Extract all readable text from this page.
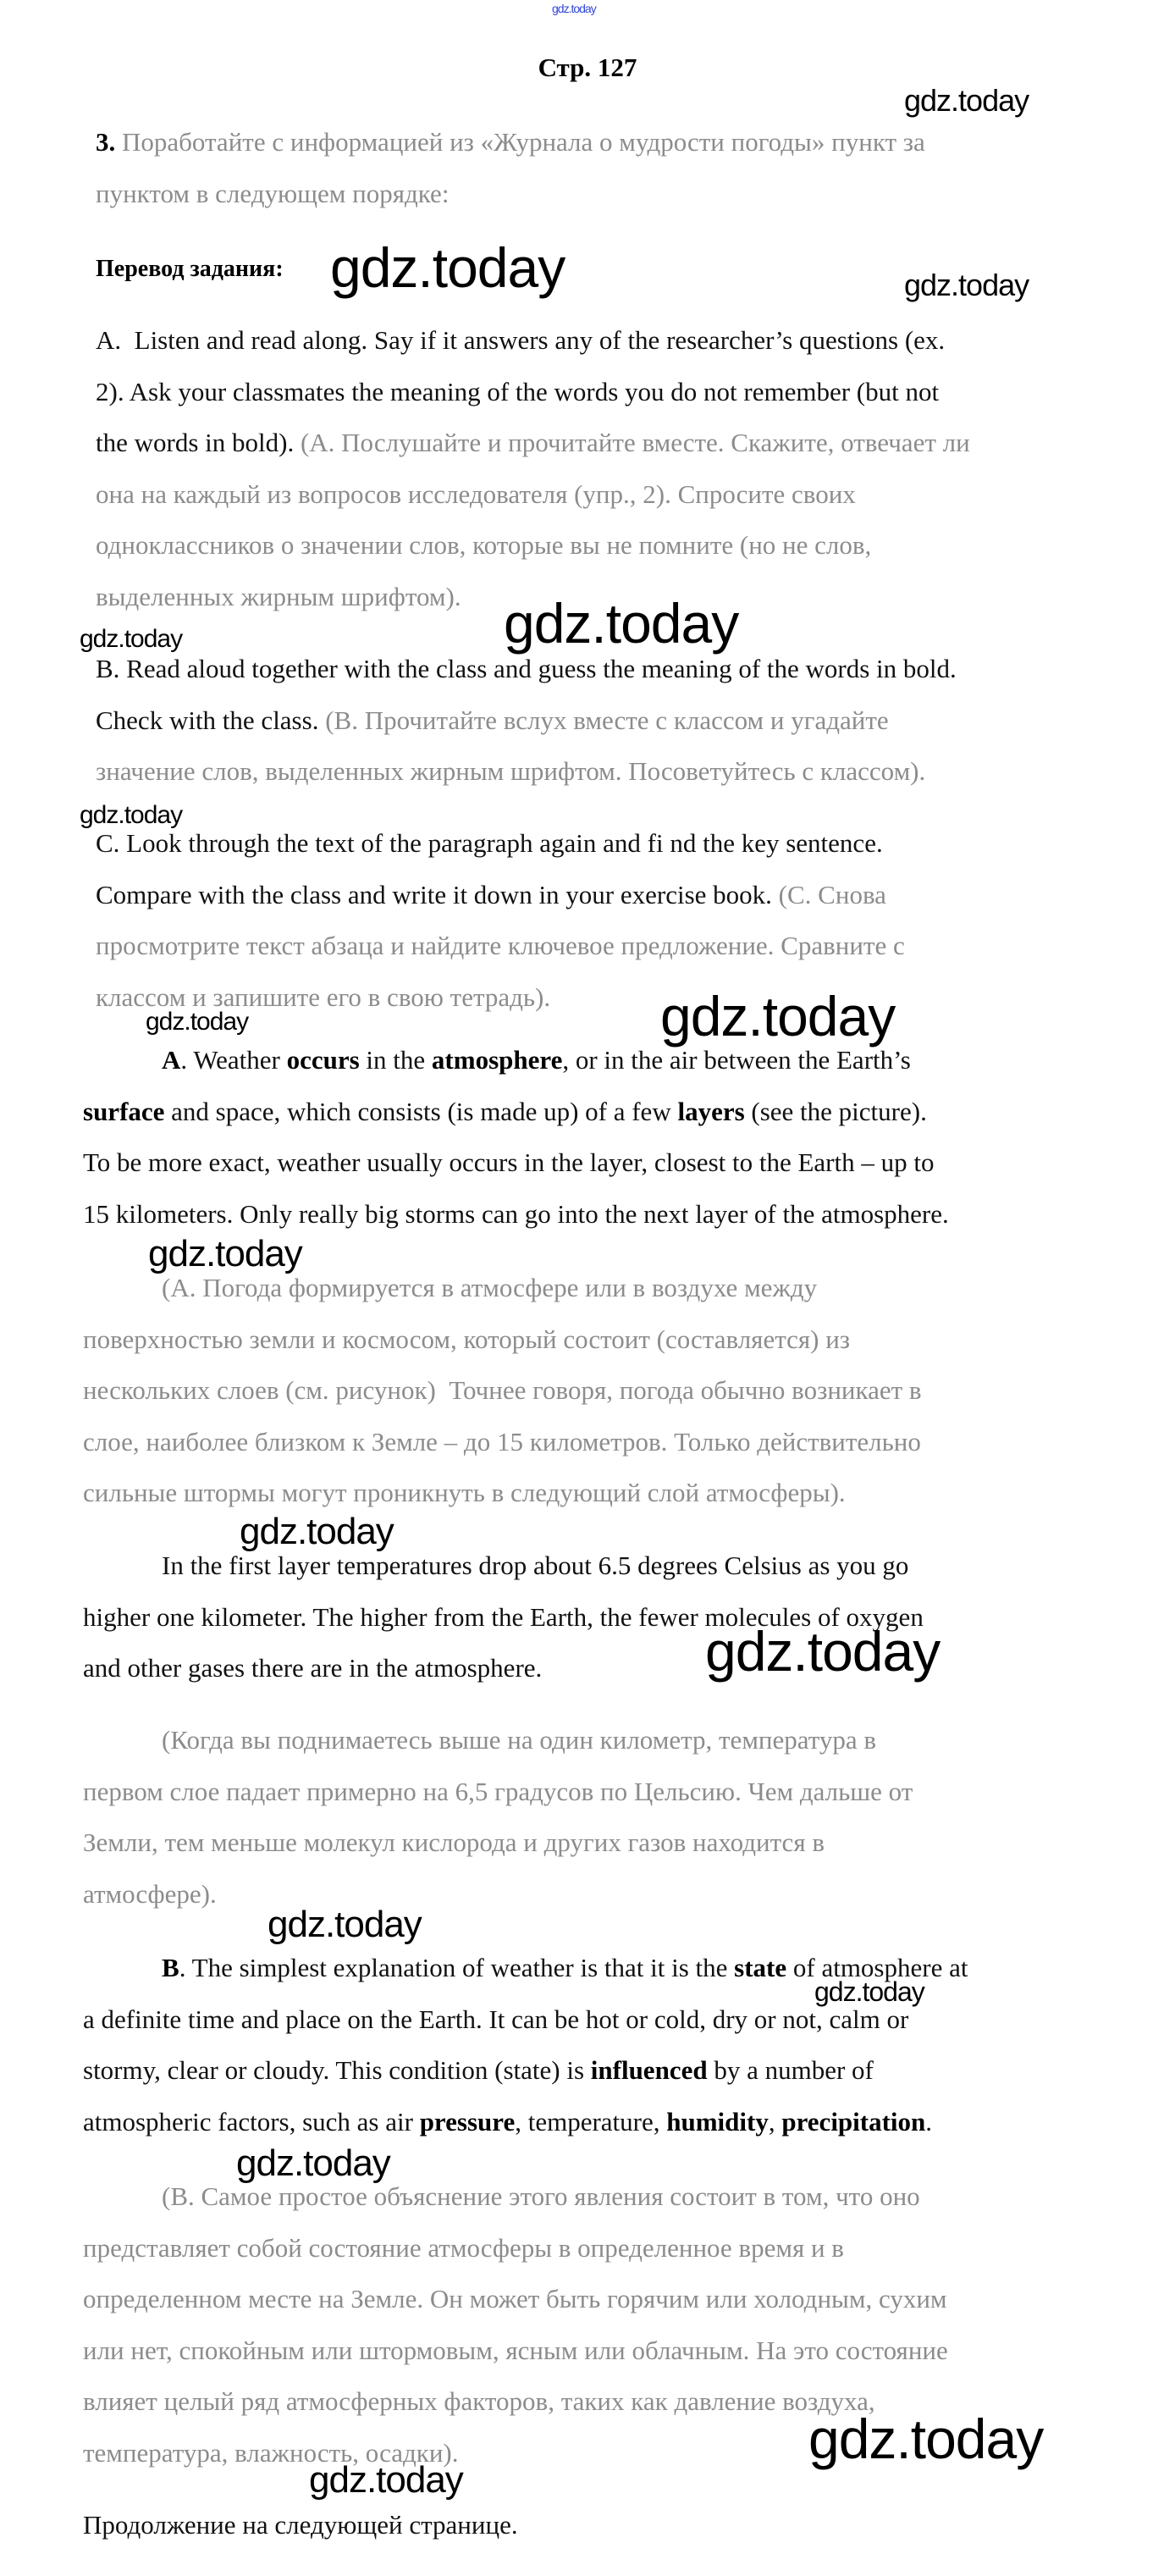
gdz.today
Стр. 127
3. Поработайте с информацией из «Журнала о мудрости погоды» пункт за
пунктом в следующем порядке:
Перевод задания:
A.  Listen and read along. Say if it answers any of the researcher’s questions (ex.
2). Ask your classmates the meaning of the words you do not remember (but not
the words in bold). (А. Послушайте и прочитайте вместе. Скажите, отвечает ли
она на каждый из вопросов исследователя (упр., 2). Спросите своих
одноклассников о значении слов, которые вы не помните (но не слов,
выделенных жирным шрифтом).
B. Read aloud together with the class and guess the meaning of the words in bold.
Check with the class. (В. Прочитайте вслух вместе с классом и угадайте
значение слов, выделенных жирным шрифтом. Посоветуйтесь с классом).
C. Look through the text of the paragraph again and fi nd the key sentence.
Compare with the class and write it down in your exercise book. (С. Снова
просмотрите текст абзаца и найдите ключевое предложение. Сравните с
классом и запишите его в свою тетрадь).
A. Weather occurs in the atmosphere, or in the air between the Earth’s
surface and space, which consists (is made up) of a few layers (see the picture).
To be more exact, weather usually occurs in the layer, closest to the Earth – up to
15 kilometers. Only really big storms can go into the next layer of the atmosphere.
(А. Погода формируется в атмосфере или в воздухе между
поверхностью земли и космосом, который состоит (составляется) из
нескольких слоев (см. рисунок)  Точнее говоря, погода обычно возникает в
слое, наиболее близком к Земле – до 15 километров. Только действительно
сильные штормы могут проникнуть в следующий слой атмосферы).
In the first layer temperatures drop about 6.5 degrees Celsius as you go
higher one kilometer. The higher from the Earth, the fewer molecules of oxygen
and other gases there are in the atmosphere.
(Когда вы поднимаетесь выше на один километр, температура в
первом слое падает примерно на 6,5 градусов по Цельсию. Чем дальше от
Земли, тем меньше молекул кислорода и других газов находится в
атмосфере).
B. The simplest explanation of weather is that it is the state of atmosphere at
a definite time and place on the Earth. It can be hot or cold, dry or not, calm or
stormy, clear or cloudy. This condition (state) is influenced by a number of
atmospheric factors, such as air pressure, temperature, humidity, precipitation.
(В. Самое простое объяснение этого явления состоит в том, что оно
представляет собой состояние атмосферы в определенное время и в
определенном месте на Земле. Он может быть горячим или холодным, сухим
или нет, спокойным или штормовым, ясным или облачным. На это состояние
влияет целый ряд атмосферных факторов, таких как давление воздуха,
температура, влажность, осадки).
Продолжение на следующей странице.
gdz.today
gdz.today	gdz.today
gdz.today
gdz.today
gdz.today
gdz.today
gdz.today
gdz.today
gdz.today
gdz.today
gdz.today
gdz.today
gdz.today
gdz.today
gdz.today
